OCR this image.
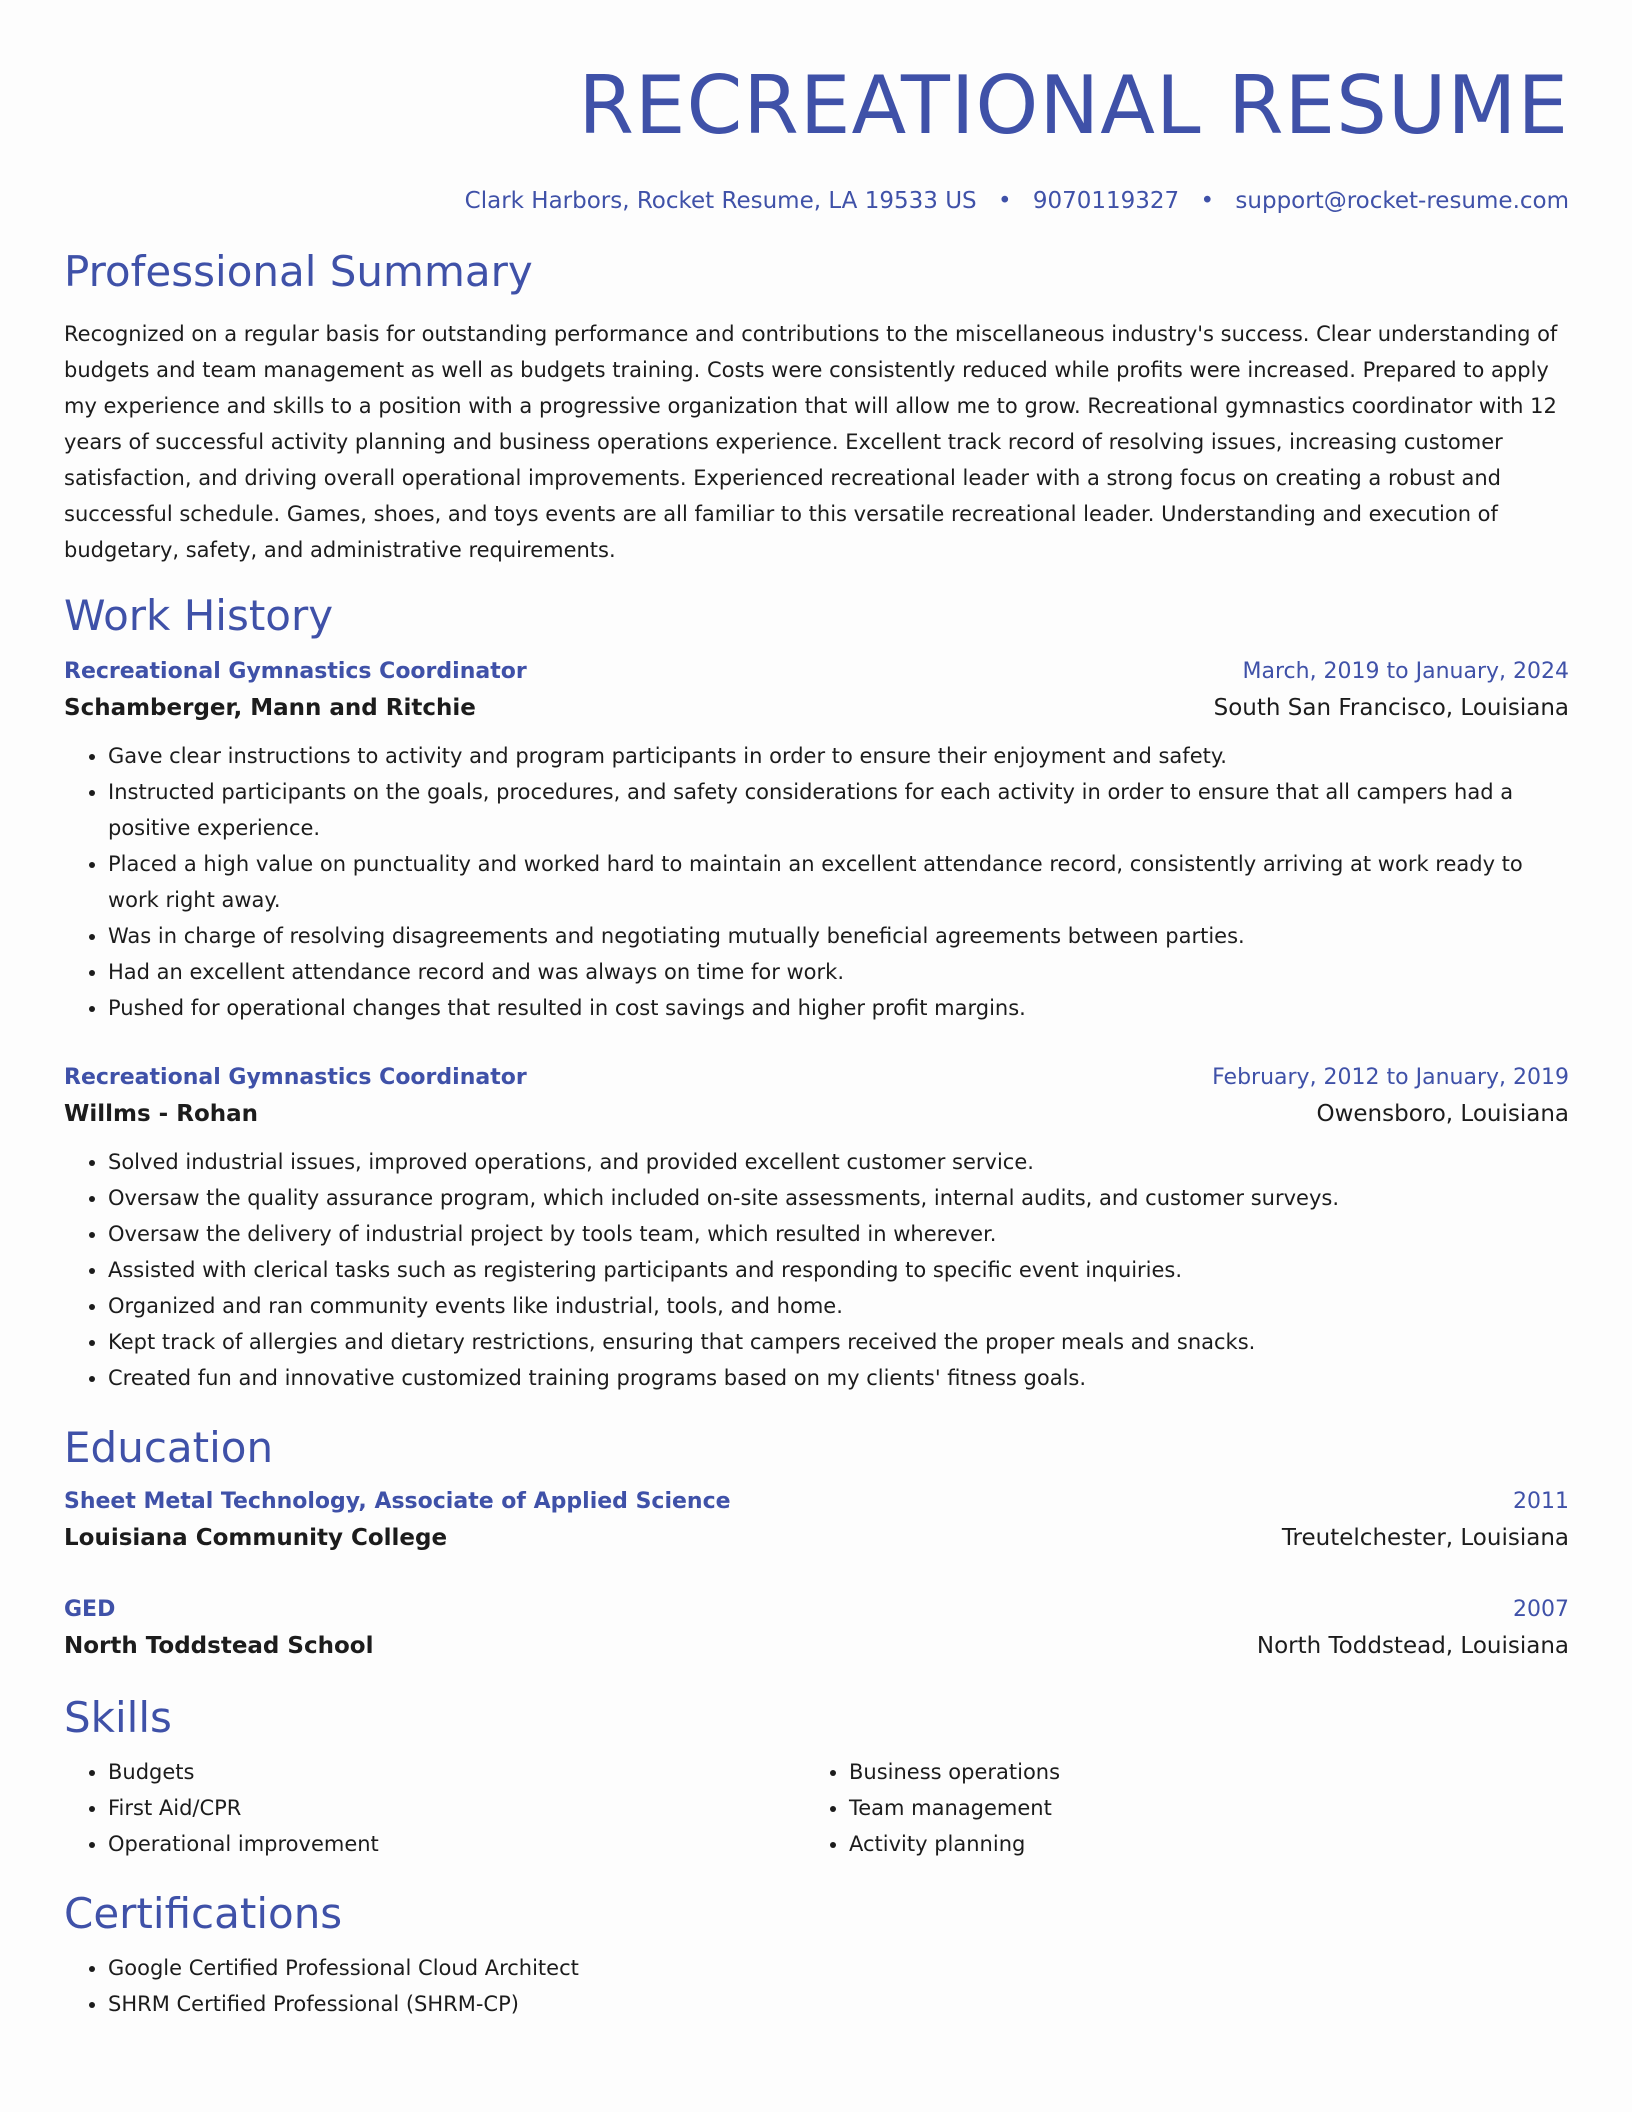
RECREATIONAL RESUME
Clark Harbors, Rocket Resume, LA 19533 US • 9070119327 • support@rocket-resume.com
Professional Summary

Recognized on a regular basis for outstanding performance and contributions to the miscellaneous industry's success. Clear understanding of budgets and team management as well as budgets training. Costs were consistently reduced while profits were increased. Prepared to apply my experience and skills to a position with a progressive organization that will allow me to grow. Recreational gymnastics coordinator with 12 years of successful activity planning and business operations experience. Excellent track record of resolving issues, increasing customer satisfaction, and driving overall operational improvements. Experienced recreational leader with a strong focus on creating a robust and successful schedule. Games, shoes, and toys events are all familiar to this versatile recreational leader. Understanding and execution of budgetary, safety, and administrative requirements.

Work History
Recreational Gymnastics Coordinator	March, 2019 to January, 2024
Schamberger, Mann and Ritchie	South San Francisco, Louisiana
• Gave clear instructions to activity and program participants in order to ensure their enjoyment and safety.
• Instructed participants on the goals, procedures, and safety considerations for each activity in order to ensure that all campers had a positive experience.
• Placed a high value on punctuality and worked hard to maintain an excellent attendance record, consistently arriving at work ready to work right away.
• Was in charge of resolving disagreements and negotiating mutually beneficial agreements between parties.
• Had an excellent attendance record and was always on time for work.
• Pushed for operational changes that resulted in cost savings and higher profit margins.
Recreational Gymnastics Coordinator	February, 2012 to January, 2019
Willms - Rohan	Owensboro, Louisiana
• Solved industrial issues, improved operations, and provided excellent customer service.
• Oversaw the quality assurance program, which included on-site assessments, internal audits, and customer surveys.
• Oversaw the delivery of industrial project by tools team, which resulted in wherever.
• Assisted with clerical tasks such as registering participants and responding to specific event inquiries.
• Organized and ran community events like industrial, tools, and home.
• Kept track of allergies and dietary restrictions, ensuring that campers received the proper meals and snacks.
• Created fun and innovative customized training programs based on my clients' fitness goals.
Education
Sheet Metal Technology, Associate of Applied Science	2011
Louisiana Community College	Treutelchester, Louisiana
GED	2007
North Toddstead School	North Toddstead, Louisiana
Skills
• Budgets
• First Aid/CPR
• Operational improvement
• Business operations
• Team management
• Activity planning
Certifications
• Google Certified Professional Cloud Architect
• SHRM Certified Professional (SHRM-CP)
